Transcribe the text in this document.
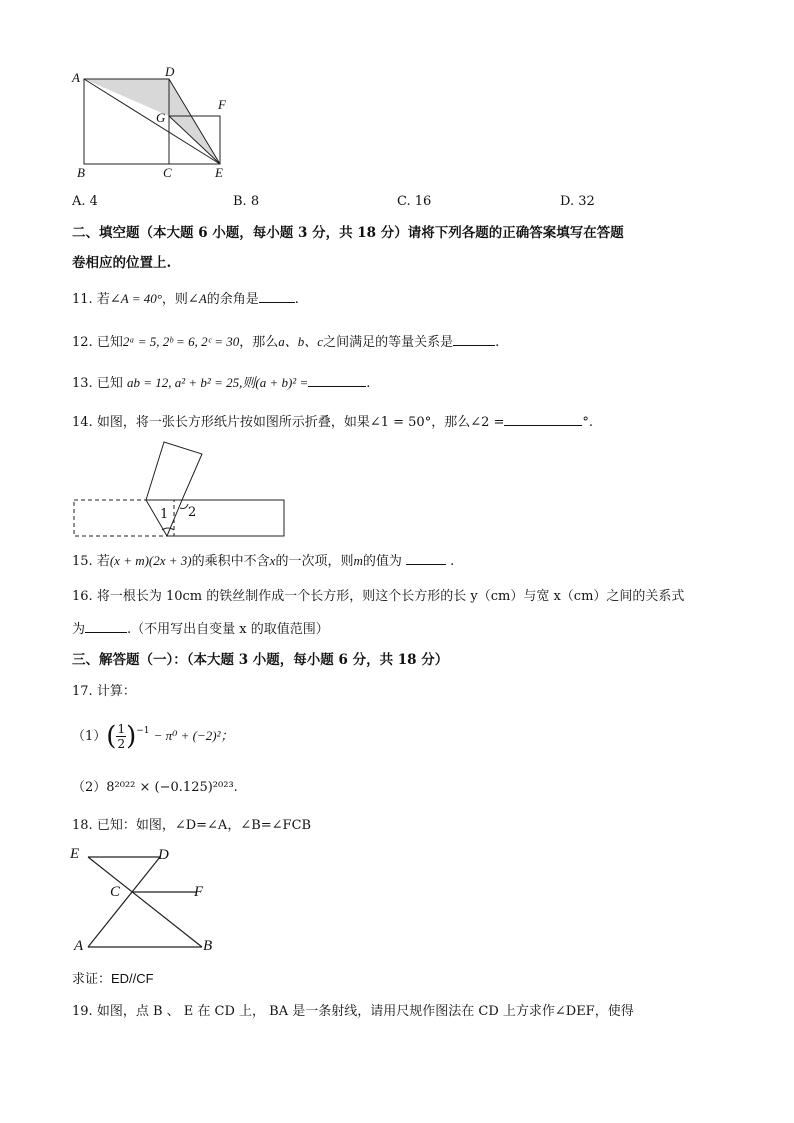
A	D
F
G
B	C	E
A. 4	B. 8	C. 16	D. 32
二、填空题（本大题 6 小题，每小题 3 分，共 18 分）请将下列各题的正确答案填写在答题
卷相应的位置上.
11. 若∠A = 40°，则∠A的余角是	.
12. 已知2ᵃ = 5, 2ᵇ = 6, 2ᶜ = 30，那么a、b、c之间满足的等量关系是	.
13. 已知 ab = 12, a² + b² = 25,则(a + b)² =	.
14. 如图，将一张长方形纸片按如图所示折叠，如果∠1 = 50°，那么∠2 =	°.
1 2
15. 若(x + m)(2x + 3)的乘积中不含x的一次项，则m的值为	.
16. 将一根长为 10cm 的铁丝制作成一个长方形，则这个长方形的长 y（cm）与宽 x（cm）之间的关系式
为	.（不用写出自变量 x 的取值范围）
三、解答题（一）：（本大题 3 小题，每小题 6 分，共 18 分）
17. 计算：
$(1)( \frac{1}{2} )^{-1} - \pi^0 + (-2)^2$；
（2）8²⁰²² × (−0.125)²⁰²³.
18. 已知：如图，∠D=∠A，∠B=∠FCB
E	D
C	F
A	B
求证：ED//CF
19. 如图，点 B 、 E 在 CD 上， BA 是一条射线，请用尺规作图法在 CD 上方求作∠DEF，使得
